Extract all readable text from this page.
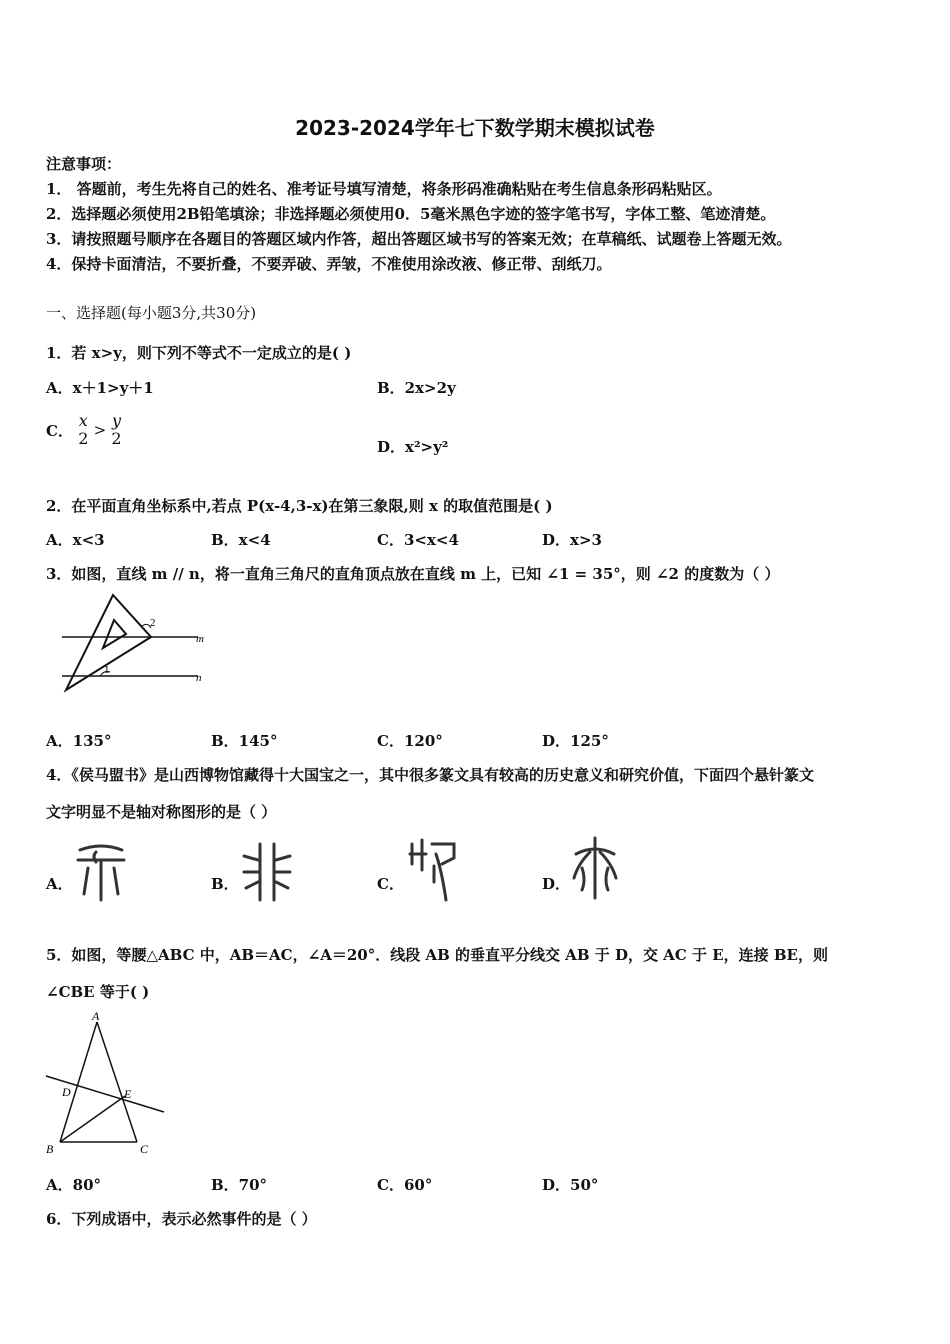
2023-2024学年七下数学期末模拟试卷
注意事项：
1． 答题前，考生先将自己的姓名、准考证号填写清楚，将条形码准确粘贴在考生信息条形码粘贴区。
2．选择题必须使用2B铅笔填涂；非选择题必须使用0．5毫米黑色字迹的签字笔书写，字体工整、笔迹清楚。
3．请按照题号顺序在各题目的答题区域内作答，超出答题区域书写的答案无效；在草稿纸、试题卷上答题无效。
4．保持卡面清洁，不要折叠，不要弄破、弄皱，不准使用涂改液、修正带、刮纸刀。
一、选择题(每小题3分,共30分)
1．若 x>y，则下列不等式不一定成立的是( )
A．x＋1>y＋1	B．2x>2y
C．
x
2 > y
2	D．x²>y²
2．在平面直角坐标系中,若点 P(x-4,3-x)在第三象限,则 x 的取值范围是( )
A．x<3	B．x<4	C．3<x<4	D．x>3
3．如图，直线 m // n，将一直角三角尺的直角顶点放在直线 m 上，已知 ∠1 = 35°，则 ∠2 的度数为（ ）
m
n
1
2
A．135°	B．145°	C．120°	D．125°
4．《侯马盟书》是山西博物馆藏得十大国宝之一，其中很多篆文具有较高的历史意义和研究价值，下面四个悬针篆文
文字明显不是轴对称图形的是（ ）
A．	B．	C．	D．
5．如图，等腰△ABC 中，AB＝AC，∠A＝20°．线段 AB 的垂直平分线交 AB 于 D，交 AC 于 E，连接 BE，则
∠CBE 等于( )
A
B	C
D	E
A．80°	B．70°	C．60°	D．50°
6．下列成语中，表示必然事件的是（ ）
